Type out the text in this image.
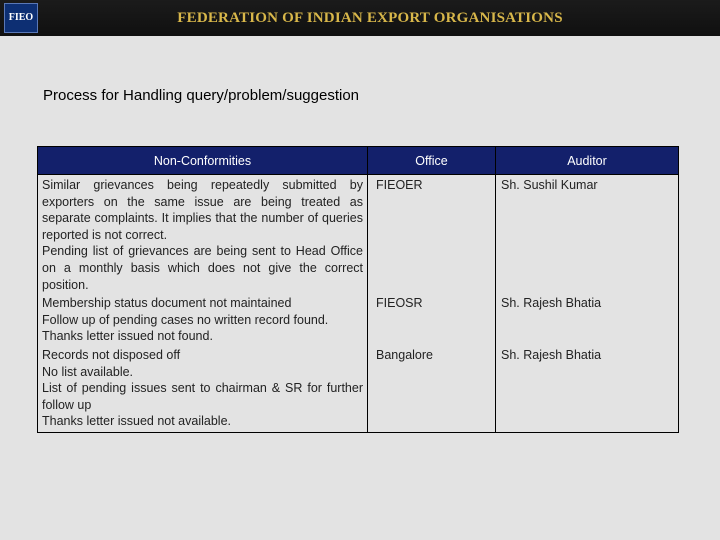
FIEO	FEDERATION OF INDIAN EXPORT ORGANISATIONS
Process for Handling query/problem/suggestion
Non-Conformities	Office	Auditor

Similar grievances being repeatedly submitted by exporters on the same issue are being treated as separate complaints. It implies that the number of queries reported is not correct.
Pending list of grievances are being sent to Head Office on a monthly basis which does not give the correct position.	FIEOER	Sh. Sushil Kumar

Membership status document not maintained
Follow up of pending cases no written record found.
Thanks letter issued not found.	FIEOSR	Sh. Rajesh Bhatia

Records not disposed off
No list available.
List of pending issues sent to chairman & SR for further follow up
Thanks letter issued not available.	Bangalore	Sh. Rajesh Bhatia
